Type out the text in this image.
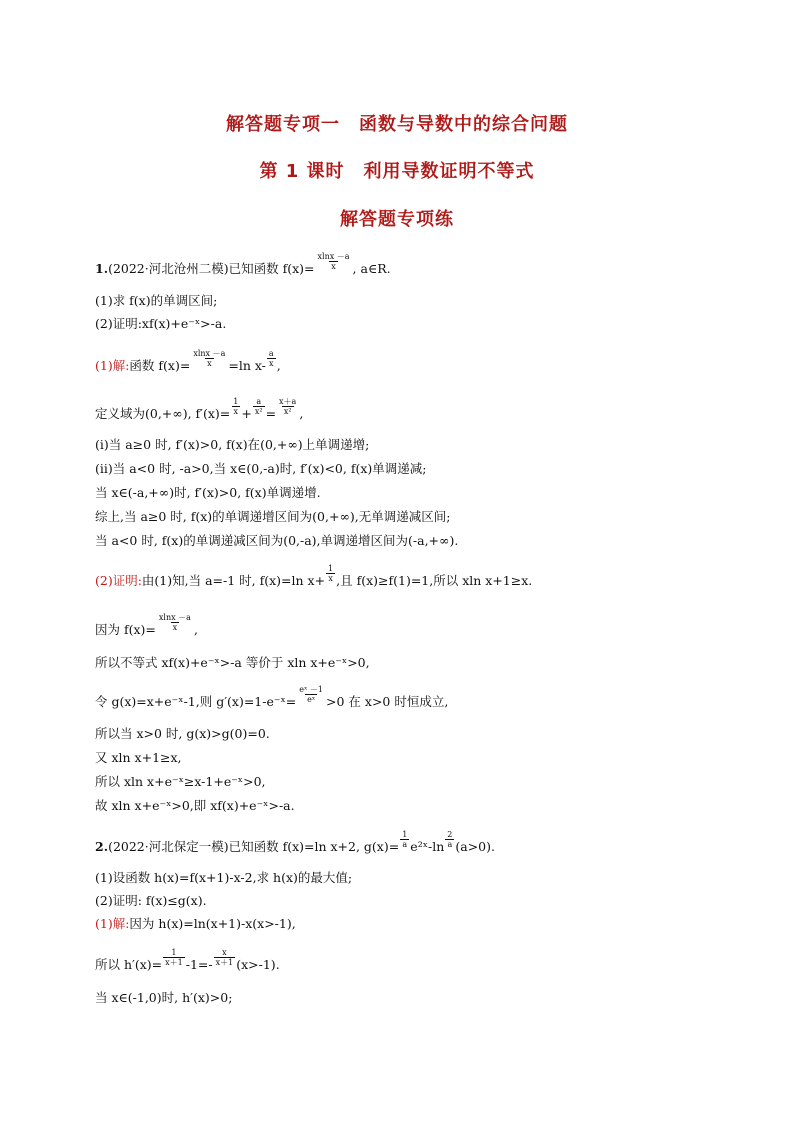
解答题专项一　函数与导数中的综合问题
第 1 课时　利用导数证明不等式
解答题专项练
1.(2022·河北沧州二模)已知函数 $f(x)= \frac{xlnx -a}{x}$ , a∈R.
(1)求 f(x)的单调区间;
(2)证明:xf(x)+e⁻ˣ>-a.
(1)解:函数 $f(x)= \frac{xlnx -a}{x} =\ln$ $x- \frac{a}{x}$ ,
定义域为(0,+∞), $f'(x)= \frac{1}{x} + \frac{a}{\text{x²}} = \frac{x+a}{\text{x²}}$ ,
(ⅰ)当 a≥0 时, f′(x)>0, f(x)在(0,+∞)上单调递增;
(ⅱ)当 a<0 时, -a>0,当 x∈(0,-a)时, f′(x)<0, f(x)单调递减;
当 x∈(-a,+∞)时, f′(x)>0, f(x)单调递增.
综上,当 a≥0 时, f(x)的单调递增区间为(0,+∞),无单调递减区间;
当 a<0 时, f(x)的单调递减区间为(0,-a),单调递增区间为(-a,+∞).
(2)证明:由(1)知,当 a=-1 时, f(x)=ln $x+ \frac{1}{x}$ ,且 f(x)≥f(1)=1,所以 xln x+1≥x.
因为 $f(x)= \frac{xlnx -a}{x}$ ,
所以不等式 xf(x)+e⁻ˣ>-a 等价于 xln x+e⁻ˣ>0,
令 g(x)=x+e⁻ˣ-1,则 g′(x)=1-e⁻ˣ= $\frac{\text{eˣ －1}}{\text{eˣ}} >0$ 在 x>0 时恒成立,
所以当 x>0 时, g(x)>g(0)=0.
又 xln x+1≥x,
所以 xln x+e⁻ˣ≥x-1+e⁻ˣ>0,
故 xln x+e⁻ˣ>0,即 xf(x)+e⁻ˣ>-a.
2.(2022·河北保定一模)已知函数 f(x)=ln x+2, $g(x)= \frac{1}{a}$ e²ˣ-ln $\frac{2}{a} (a>0)$.
(1)设函数 h(x)=f(x+1)-x-2,求 h(x)的最大值;
(2)证明: f(x)≤g(x).
(1)解:因为 h(x)=ln(x+1)-x(x>-1),
所以 $h'(x)= \frac{1}{x+1} -1=- \frac{x}{x+1} (x>-1)$.
当 x∈(-1,0)时, h′(x)>0;
